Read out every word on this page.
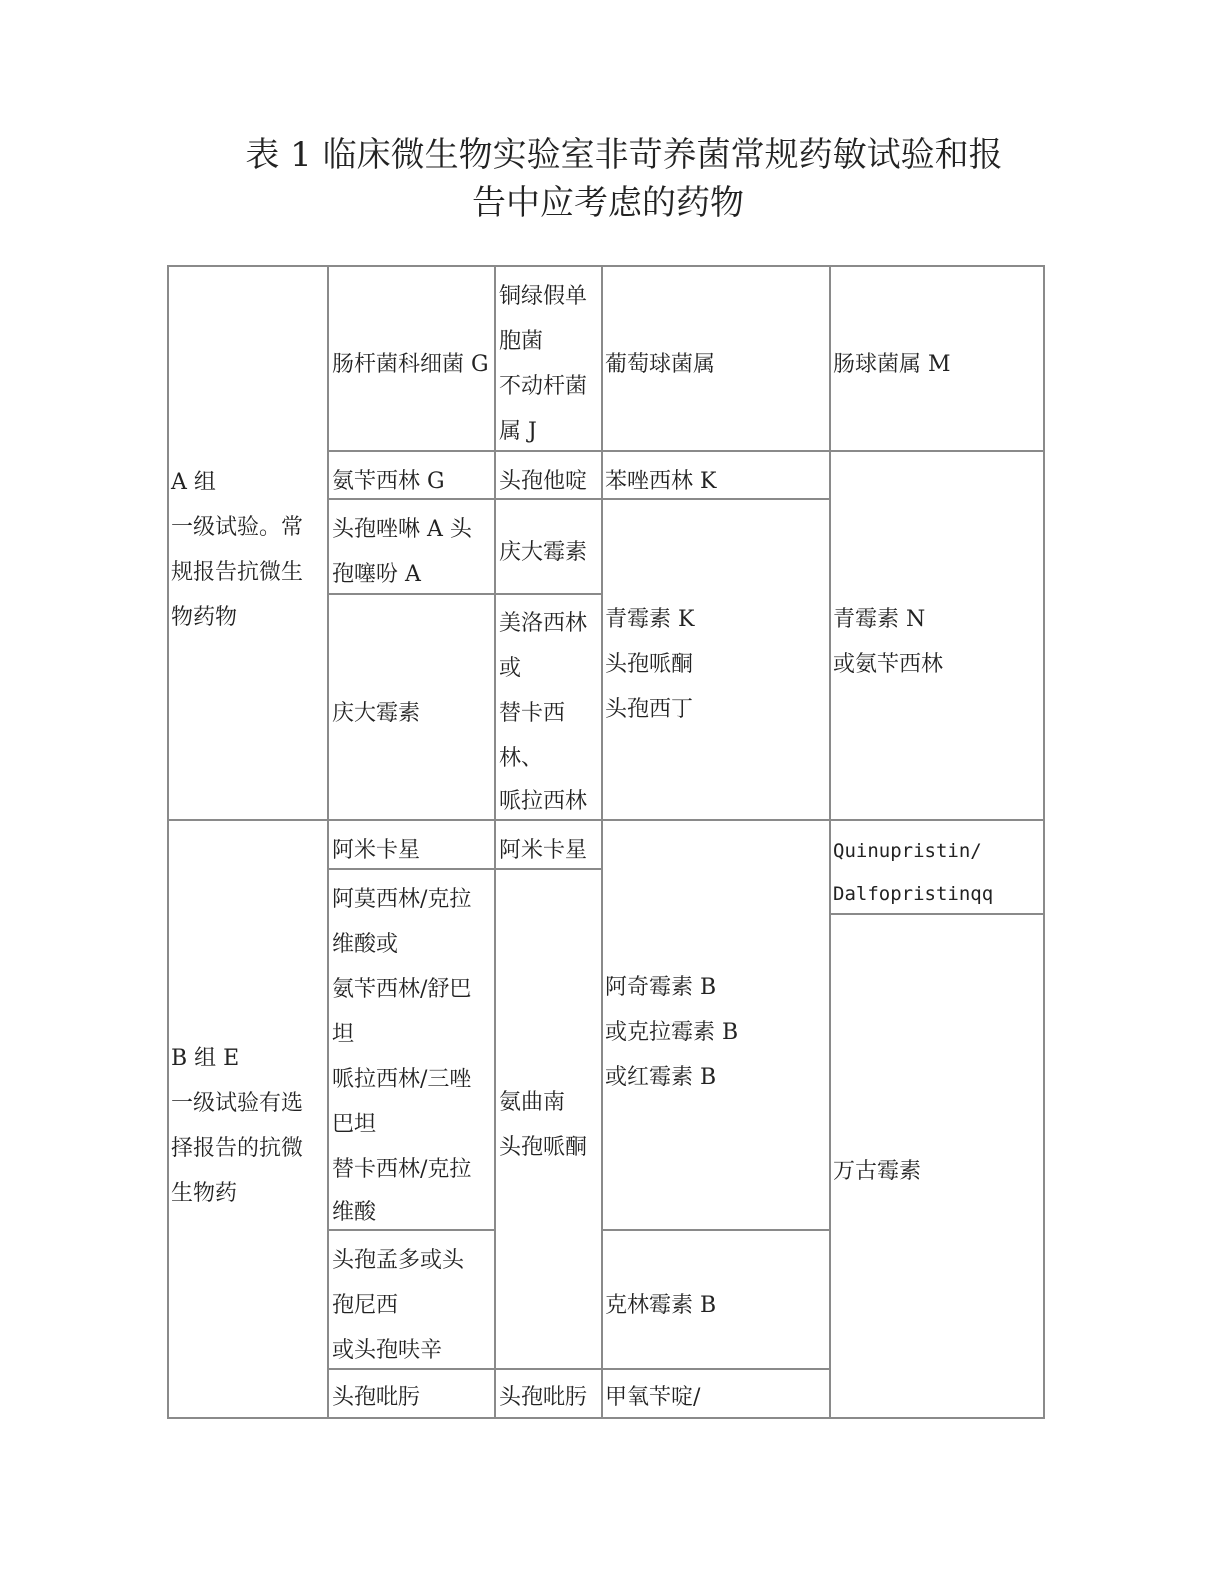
表 1 临床微生物实验室非苛养菌常规药敏试验和报
告中应考虑的药物
A 组
一级试验。常
规报告抗微生
物药物
肠杆菌科细菌 G
铜绿假单
胞菌
不动杆菌
属 J
葡萄球菌属	肠球菌属 M
氨苄西林 G 头孢他啶 苯唑西林 K
青霉素 N
或氨苄西林
头孢唑啉 A 头
孢噻吩 A
庆大霉素
青霉素 K
头孢哌酮
头孢西丁
庆大霉素
美洛西林
或
替卡西
林、
哌拉西林
B 组 E
一级试验有选
择报告的抗微
生物药
阿米卡星
阿莫西林/克拉
维酸或
氨苄西林/舒巴
坦
哌拉西林/三唑
巴坦
替卡西林/克拉
维酸
头孢孟多或头
孢尼西
或头孢呋辛
头孢吡肟
阿米卡星
氨曲南
头孢哌酮
头孢吡肟
阿奇霉素 B
或克拉霉素 B
或红霉素 B
克林霉素 B
甲氧苄啶/
Quinupristin/
Dalfopristinqq
万古霉素
